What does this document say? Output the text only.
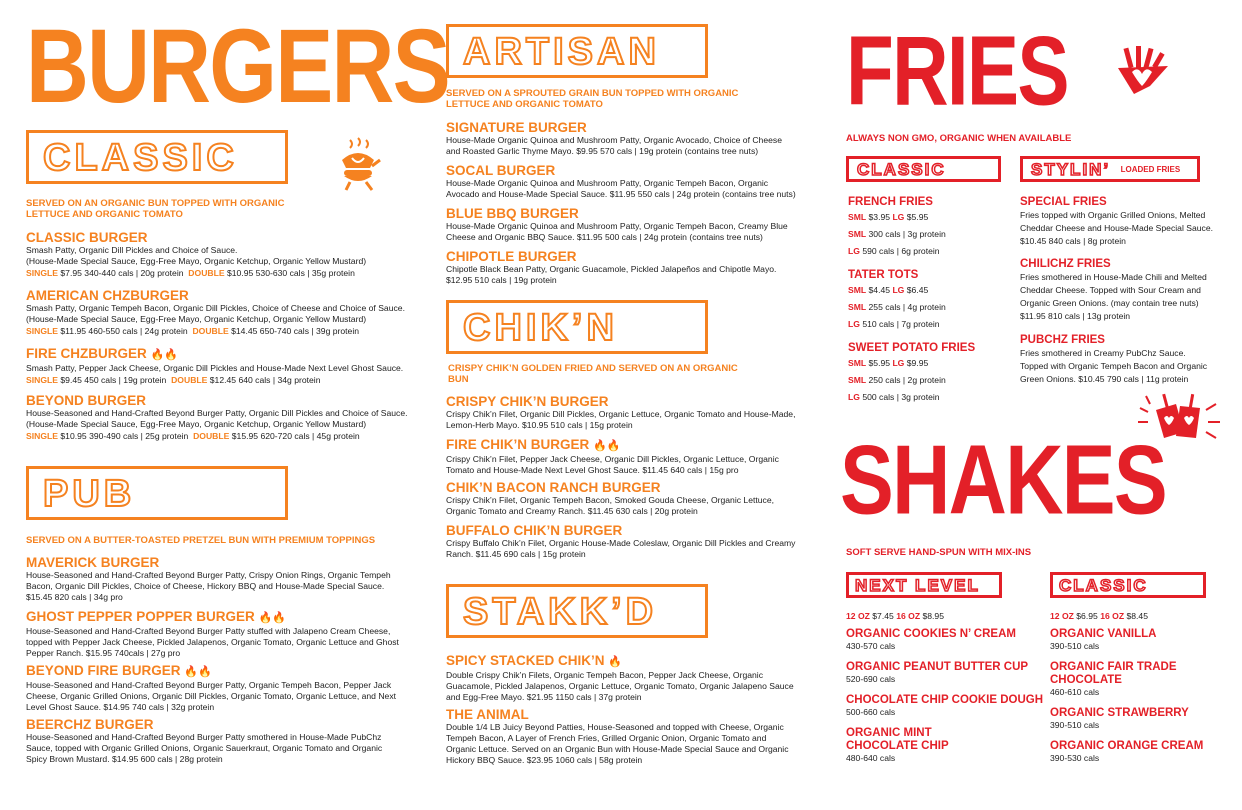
BURGERS
CLASSIC

SERVED ON AN ORGANIC BUN TOPPED WITH ORGANIC LETTUCE AND ORGANIC TOMATO

CLASSIC BURGER

Smash Patty, Organic Dill Pickles and Choice of Sauce.

(House-Made Special Sauce, Egg-Free Mayo, Organic Ketchup, Organic Yellow Mustard)

SINGLE $7.95 340-440 cals | 20g protein DOUBLE $10.95 530-630 cals | 35g protein

AMERICAN CHZBURGER

Smash Patty, Organic Tempeh Bacon, Organic Dill Pickles, Choice of Cheese and Choice of Sauce.

(House-Made Special Sauce, Egg-Free Mayo, Organic Ketchup, Organic Yellow Mustard)

SINGLE $11.95 460-550 cals | 24g protein DOUBLE $14.45 650-740 cals | 39g protein

FIRE CHZBURGER 🔥🔥

Smash Patty, Pepper Jack Cheese, Organic Dill Pickles and House-Made Next Level Ghost Sauce.

SINGLE $9.45 450 cals | 19g protein DOUBLE $12.45 640 cals | 34g protein

BEYOND BURGER

House-Seasoned and Hand-Crafted Beyond Burger Patty, Organic Dill Pickles and Choice of Sauce.

(House-Made Special Sauce, Egg-Free Mayo, Organic Ketchup, Organic Yellow Mustard)

SINGLE $10.95 390-490 cals | 25g protein DOUBLE $15.95 620-720 cals | 45g protein

PUB

SERVED ON A BUTTER-TOASTED PRETZEL BUN WITH PREMIUM TOPPINGS

MAVERICK BURGER

House-Seasoned and Hand-Crafted Beyond Burger Patty, Crispy Onion Rings, Organic Tempeh Bacon, Organic Dill Pickles, Choice of Cheese, Hickory BBQ and House-Made Special Sauce. $15.45 820 cals | 34g pro

GHOST PEPPER POPPER BURGER 🔥🔥

House-Seasoned and Hand-Crafted Beyond Burger Patty stuffed with Jalapeno Cream Cheese, topped with Pepper Jack Cheese, Pickled Jalapenos, Organic Tomato, Organic Lettuce and Ghost Pepper Ranch. $15.95 740cals | 27g pro

BEYOND FIRE BURGER 🔥🔥

House-Seasoned and Hand-Crafted Beyond Burger Patty, Organic Tempeh Bacon, Pepper Jack Cheese, Organic Grilled Onions, Organic Dill Pickles, Organic Tomato, Organic Lettuce, and Next Level Ghost Sauce. $14.95 740 cals | 32g protein

BEERCHZ BURGER

House-Seasoned and Hand-Crafted Beyond Burger Patty smothered in House-Made PubChz Sauce, topped with Organic Grilled Onions, Organic Sauerkraut, Organic Tomato and Organic Spicy Brown Mustard. $14.95 600 cals | 28g protein

ARTISAN

SERVED ON A SPROUTED GRAIN BUN TOPPED WITH ORGANIC LETTUCE AND ORGANIC TOMATO

SIGNATURE BURGER

House-Made Organic Quinoa and Mushroom Patty, Organic Avocado, Choice of Cheese and Roasted Garlic Thyme Mayo. $9.95 570 cals | 19g protein (contains tree nuts)

SOCAL BURGER

House-Made Organic Quinoa and Mushroom Patty, Organic Tempeh Bacon, Organic Avocado and House-Made Special Sauce. $11.95 550 cals | 24g protein (contains tree nuts)

BLUE BBQ BURGER

House-Made Organic Quinoa and Mushroom Patty, Organic Tempeh Bacon, Creamy Blue Cheese and Organic BBQ Sauce. $11.95 500 cals | 24g protein (contains tree nuts)

CHIPOTLE BURGER

Chipotle Black Bean Patty, Organic Guacamole, Pickled Jalapeños and Chipotle Mayo. $12.95 510 cals | 19g protein

CHIK’N

CRISPY CHIK’N GOLDEN FRIED AND SERVED ON AN ORGANIC BUN

CRISPY CHIK’N BURGER

Crispy Chik’n Filet, Organic Dill Pickles, Organic Lettuce, Organic Tomato and House-Made, Lemon-Herb Mayo. $10.95 510 cals | 15g protein

FIRE CHIK’N BURGER 🔥🔥

Crispy Chik’n Filet, Pepper Jack Cheese, Organic Dill Pickles, Organic Lettuce, Organic Tomato and House-Made Next Level Ghost Sauce. $11.45 640 cals | 15g pro

CHIK’N BACON RANCH BURGER

Crispy Chik’n Filet, Organic Tempeh Bacon, Smoked Gouda Cheese, Organic Lettuce, Organic Tomato and Creamy Ranch. $11.45 630 cals | 20g protein

BUFFALO CHIK’N BURGER

Crispy Buffalo Chik’n Filet, Organic House-Made Coleslaw, Organic Dill Pickles and Creamy Ranch. $11.45 690 cals | 15g protein

STAKK’D

SPICY STACKED CHIK’N 🔥

Double Crispy Chik’n Filets, Organic Tempeh Bacon, Pepper Jack Cheese, Organic Guacamole, Pickled Jalapenos, Organic Lettuce, Organic Tomato, Organic Jalapeno Sauce and Egg-Free Mayo. $21.95 1150 cals | 37g protein

THE ANIMAL

Double 1/4 LB Juicy Beyond Patties, House-Seasoned and topped with Cheese, Organic Tempeh Bacon, A Layer of French Fries, Grilled Organic Onion, Organic Tomato and Organic Lettuce. Served on an Organic Bun with House-Made Special Sauce and Organic Hickory BBQ Sauce. $23.95 1060 cals | 58g protein

FRIES

ALWAYS NON GMO, ORGANIC WHEN AVAILABLE

CLASSIC	STYLIN’ $^{LOADED FRIES}$

FRENCH FRIES

SML $3.95 LG $5.95

SML 300 cals | 3g protein

LG 590 cals | 6g protein

TATER TOTS

SML $4.45 LG $6.45

SML 255 cals | 4g protein

LG 510 cals | 7g protein

SWEET POTATO FRIES

SML $5.95 LG $9.95

SML 250 cals | 2g protein

LG 500 cals | 3g protein

SPECIAL FRIES

Fries topped with Organic Grilled Onions, Melted Cheddar Cheese and House-Made Special Sauce.

$10.45 840 cals | 8g protein

CHILICHZ FRIES

Fries smothered in House-Made Chili and Melted Cheddar Cheese. Topped with Sour Cream and Organic Green Onions. (may contain tree nuts)

$11.95 810 cals | 13g protein

PUBCHZ FRIES

Fries smothered in Creamy PubChz Sauce. Topped with Organic Tempeh Bacon and Organic Green Onions. $10.45 790 cals | 11g protein

SHAKES

SOFT SERVE HAND-SPUN WITH MIX-INS

NEXT LEVEL	CLASSIC

12 OZ $7.45 16 OZ $8.95

ORGANIC COOKIES N’ CREAM

430-570 cals

ORGANIC PEANUT BUTTER CUP

520-690 cals

CHOCOLATE CHIP COOKIE DOUGH

500-660 cals

ORGANIC MINT CHOCOLATE CHIP

480-640 cals

12 OZ $6.95 16 OZ $8.45

ORGANIC VANILLA

390-510 cals

ORGANIC FAIR TRADE CHOCOLATE

460-610 cals

ORGANIC STRAWBERRY

390-510 cals

ORGANIC ORANGE CREAM

390-530 cals
